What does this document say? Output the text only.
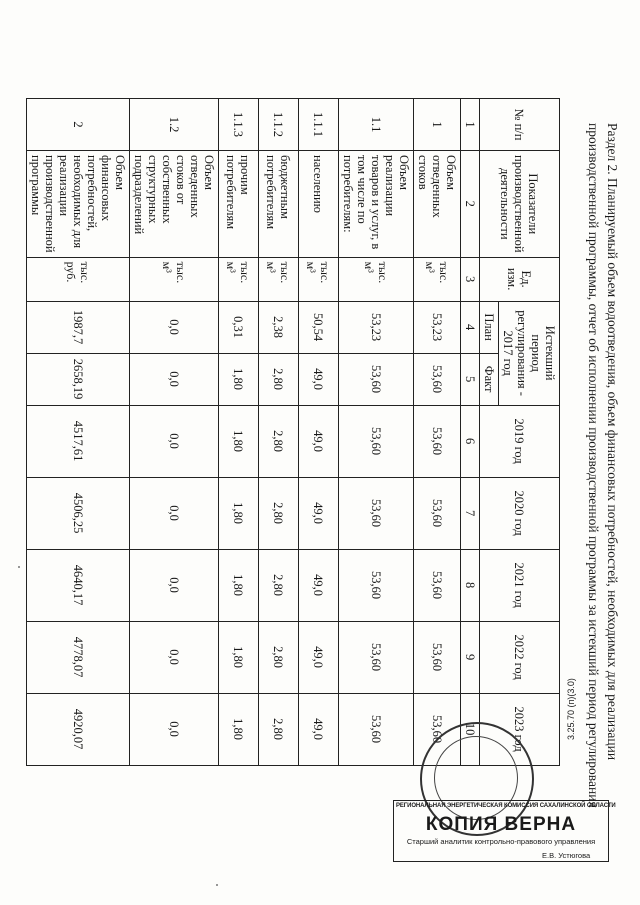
Раздел 2. Планируемый объем водоотведения, объем финансовых потребностей, необходимых для реализации производственной программы, отчет об исполнении производственной программы за истекший период регулирования
№ п/п	Показатели производственной деятельности	Ед. изм.	Истекший период регулирования - 2017 год		2019 год	2020 год	2021 год	2022 год	2023 год
			План	Факт					
1	2	3	4	5	6	7	8	9	10
1	Объем отведенных стоков	тыс. м³	53,23	53,60	53,60	53,60	53,60	53,60	53,60
1.1	Объем реализации товаров и услуг, в том числе по потребителям:	тыс. м³	53,23	53,60	53,60	53,60	53,60	53,60	53,60
1.1.1	населению	тыс. м³	50,54	49,0	49,0	49,0	49,0	49,0	49,0
1.1.2	бюджетным потребителям	тыс. м³	2,38	2,80	2,80	2,80	2,80	2,80	2,80
1.1.3	прочим потребителям	тыс. м³	0,31	1,80	1,80	1,80	1,80	1,80	1,80
1.2	Объем отведенных стоков от собственных структурных подразделений	тыс. м³	0,0	0,0	0,0	0,0	0,0	0,0	0,0
2	Объем финансовых потребностей, необходимых для реализации производственной программы	тыс. руб.	1987,7	2658,19	4517,61	4506,25	4640,17	4778,07	4920,07
РЕГИОНАЛЬНАЯ ЭНЕРГЕТИЧЕСКАЯ КОМИССИЯ САХАЛИНСКОЙ ОБЛАСТИ
КОПИЯ ВЕРНА
Старший аналитик контрольно-правового управления
Е.В. Устюгова
3.25.70 (п)(3.0)
